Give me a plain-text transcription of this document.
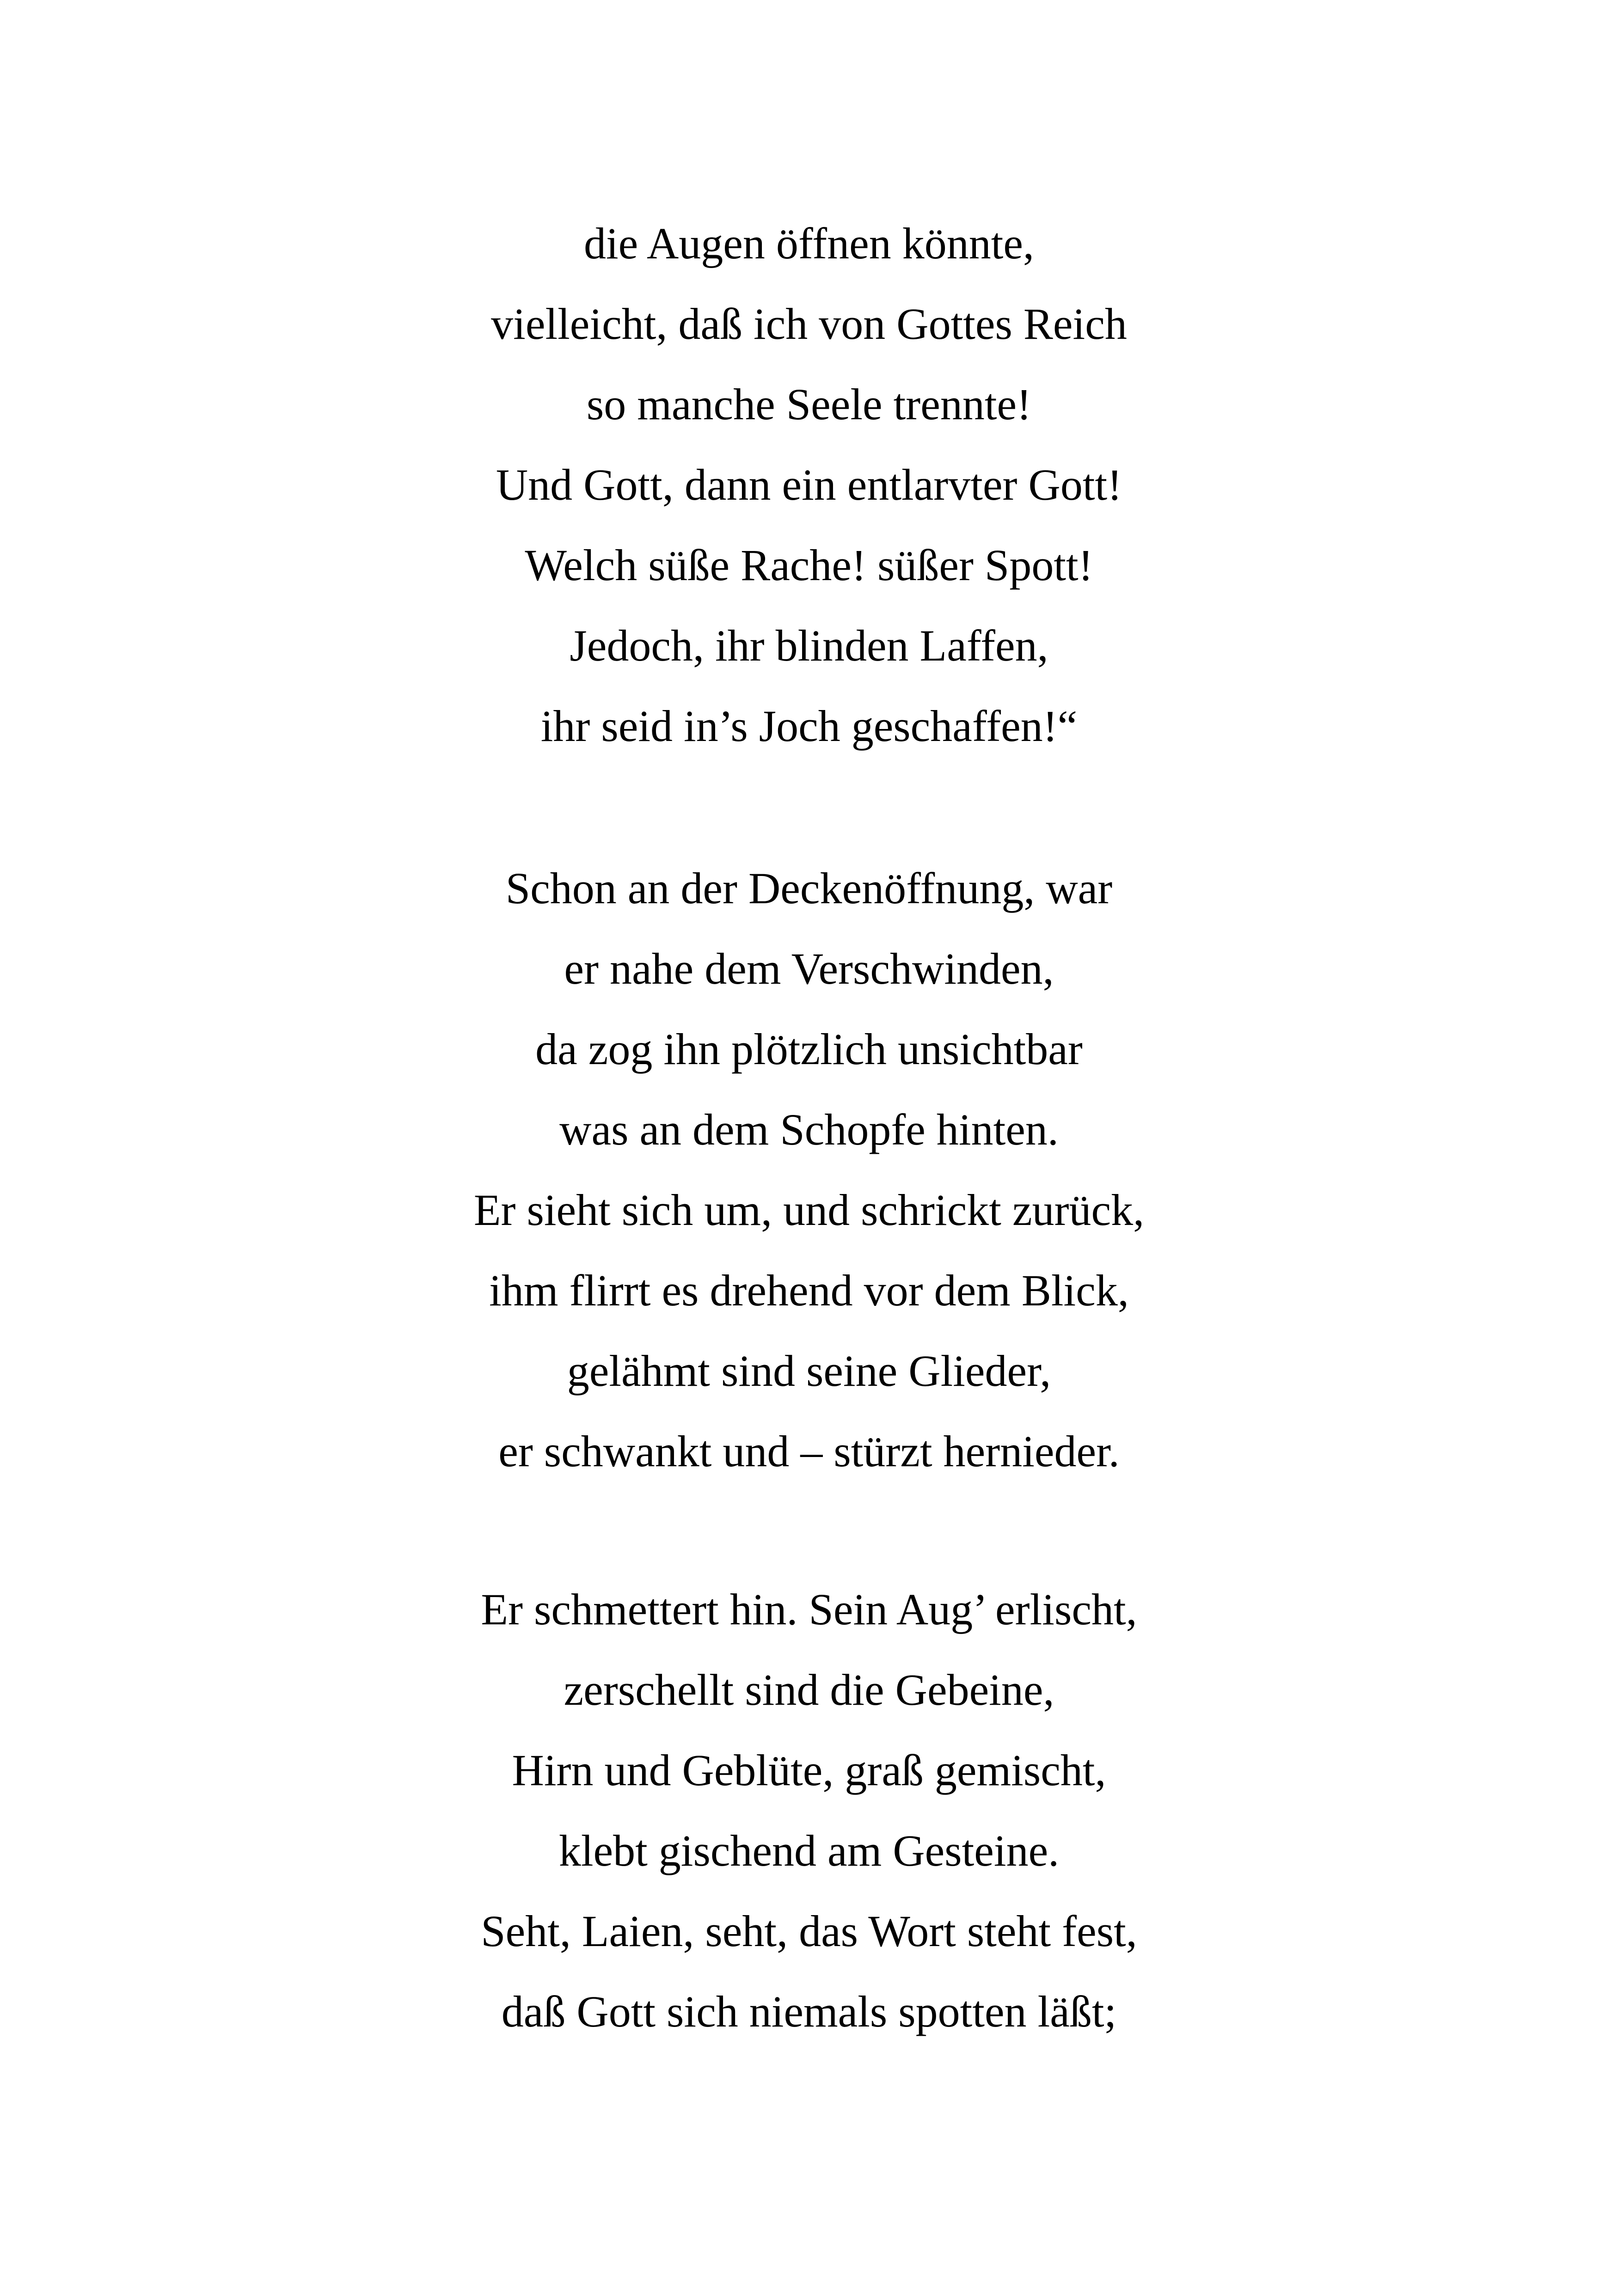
die Augen öffnen könnte,
vielleicht, daß ich von Gottes Reich
so manche Seele trennte!
Und Gott, dann ein entlarvter Gott!
Welch süße Rache! süßer Spott!
Jedoch, ihr blinden Laffen,
ihr seid in’s Joch geschaffen!“
Schon an der Deckenöffnung, war
er nahe dem Verschwinden,
da zog ihn plötzlich unsichtbar
was an dem Schopfe hinten.
Er sieht sich um, und schrickt zurück,
ihm flirrt es drehend vor dem Blick,
gelähmt sind seine Glieder,
er schwankt und – stürzt hernieder.
Er schmettert hin. Sein Aug’ erlischt,
zerschellt sind die Gebeine,
Hirn und Geblüte, graß gemischt,
klebt gischend am Gesteine.
Seht, Laien, seht, das Wort steht fest,
daß Gott sich niemals spotten läßt;
